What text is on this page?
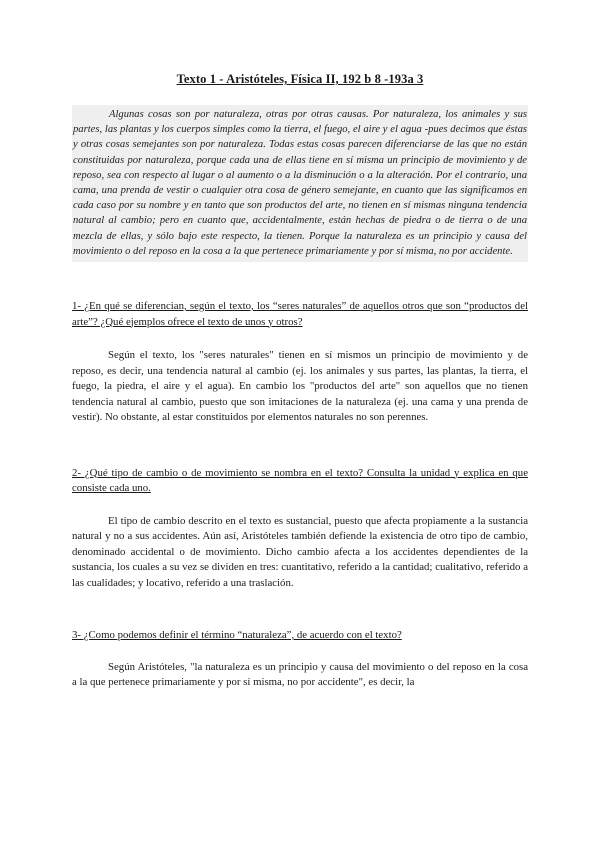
Texto 1 - Aristóteles, Física II, 192 b 8 -193a 3

Algunas cosas son por naturaleza, otras por otras causas. Por naturaleza, los animales y sus partes, las plantas y los cuerpos simples como la tierra, el fuego, el aire y el agua -pues decimos que éstas y otras cosas semejantes son por naturaleza. Todas estas cosas parecen diferenciarse de las que no están constituidas por naturaleza, porque cada una de ellas tiene en sí misma un principio de movimiento y de reposo, sea con respecto al lugar o al aumento o a la disminución o a la alteración. Por el contrario, una cama, una prenda de vestir o cualquier otra cosa de género semejante, en cuanto que las significamos en cada caso por su nombre y en tanto que son productos del arte, no tienen en sí mismas ninguna tendencia natural al cambio; pero en cuanto que, accidentalmente, están hechas de piedra o de tierra o de una mezcla de ellas, y sólo bajo este respecto, la tienen. Porque la naturaleza es un principio y causa del movimiento o del reposo en la cosa a la que pertenece primariamente y por sí misma, no por accidente.

1- ¿En qué se diferencian, según el texto, los “seres naturales” de aquellos otros que son “productos del arte”? ¿Qué ejemplos ofrece el texto de unos y otros?

Según el texto, los "seres naturales" tienen en sí mismos un principio de movimiento y de reposo, es decir, una tendencia natural al cambio (ej. los animales y sus partes, las plantas, la tierra, el fuego, la piedra, el aire y el agua). En cambio los "productos del arte" son aquellos que no tienen tendencia natural al cambio, puesto que son imitaciones de la naturaleza (ej. una cama y una prenda de vestir). No obstante, al estar constituidos por elementos naturales no son perennes.

2- ¿Qué tipo de cambio o de movimiento se nombra en el texto? Consulta la unidad y explica en que consiste cada uno.

El tipo de cambio descrito en el texto es sustancial, puesto que afecta propiamente a la sustancia natural y no a sus accidentes. Aún así, Aristóteles también defiende la existencia de otro tipo de cambio, denominado accidental o de movimiento. Dicho cambio afecta a los accidentes dependientes de la sustancia, los cuales a su vez se dividen en tres: cuantitativo, referido a la cantidad; cualitativo, referido a las cualidades; y locativo, referido a una traslación.

3- ¿Como podemos definir el término “naturaleza”, de acuerdo con el texto?

Según Aristóteles, "la naturaleza es un principio y causa del movimiento o del reposo en la cosa a la que pertenece primariamente y por sí misma, no por accidente", es decir, la
